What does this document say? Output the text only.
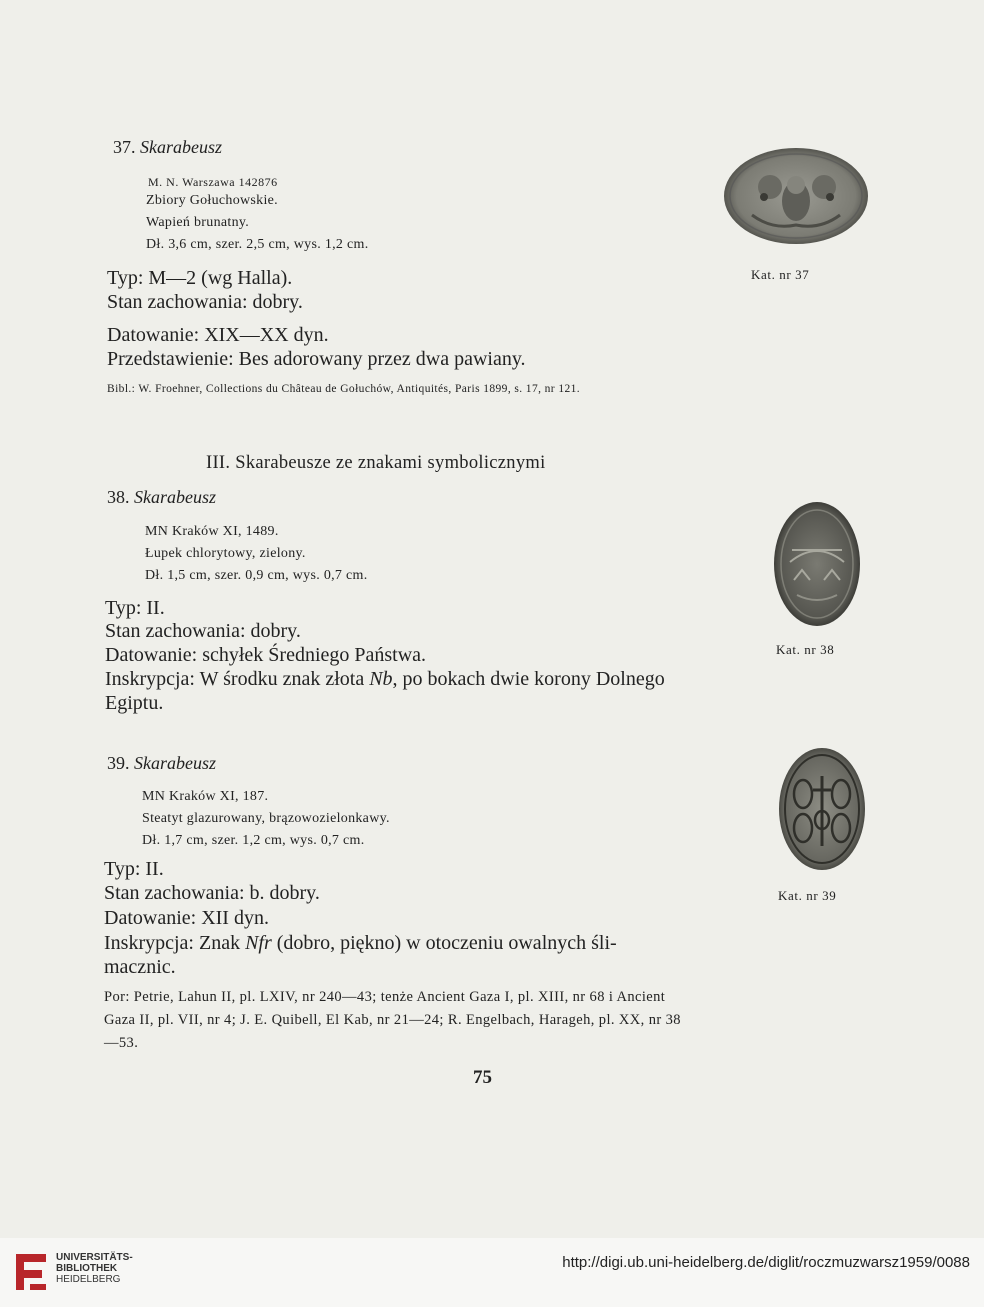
37. Skarabeusz
M. N. Warszawa 142876
Zbiory Gołuchowskie.
Wapień brunatny.
Dł. 3,6 cm, szer. 2,5 cm, wys. 1,2 cm.
Typ: M—2 (wg Halla).
Stan zachowania: dobry.
Datowanie: XIX—XX dyn.
Przedstawienie: Bes adorowany przez dwa pawiany.
Bibl.: W. Froehner, Collections du Château de Gołuchów, Antiquités, Paris 1899, s. 17, nr 121.
Kat. nr 37
III. Skarabeusze ze znakami symbolicznymi
38. Skarabeusz
MN Kraków XI, 1489.
Łupek chlorytowy, zielony.
Dł. 1,5 cm, szer. 0,9 cm, wys. 0,7 cm.
Typ: II.
Stan zachowania: dobry.
Datowanie: schyłek Średniego Państwa.
Inskrypcja: W środku znak złota Nb, po bokach dwie korony Dolnego
Egiptu.
Kat. nr 38
39. Skarabeusz
MN Kraków XI, 187.
Steatyt glazurowany, brązowozielonkawy.
Dł. 1,7 cm, szer. 1,2 cm, wys. 0,7 cm.
Typ: II.
Stan zachowania: b. dobry.
Datowanie: XII dyn.
Inskrypcja: Znak Nfr (dobro, piękno) w otoczeniu owalnych śli-
macznic.
Por: Petrie, Lahun II, pl. LXIV, nr 240—43; tenże Ancient Gaza I, pl. XIII, nr 68 i Ancient Gaza II, pl. VII, nr 4; J. E. Quibell, El Kab, nr 21—24; R. Engelbach, Harageh, pl. XX, nr 38—53.
Kat. nr 39
75
UNIVERSITÄTS-
BIBLIOTHEK
HEIDELBERG
http://digi.ub.uni-heidelberg.de/diglit/roczmuzwarsz1959/0088
